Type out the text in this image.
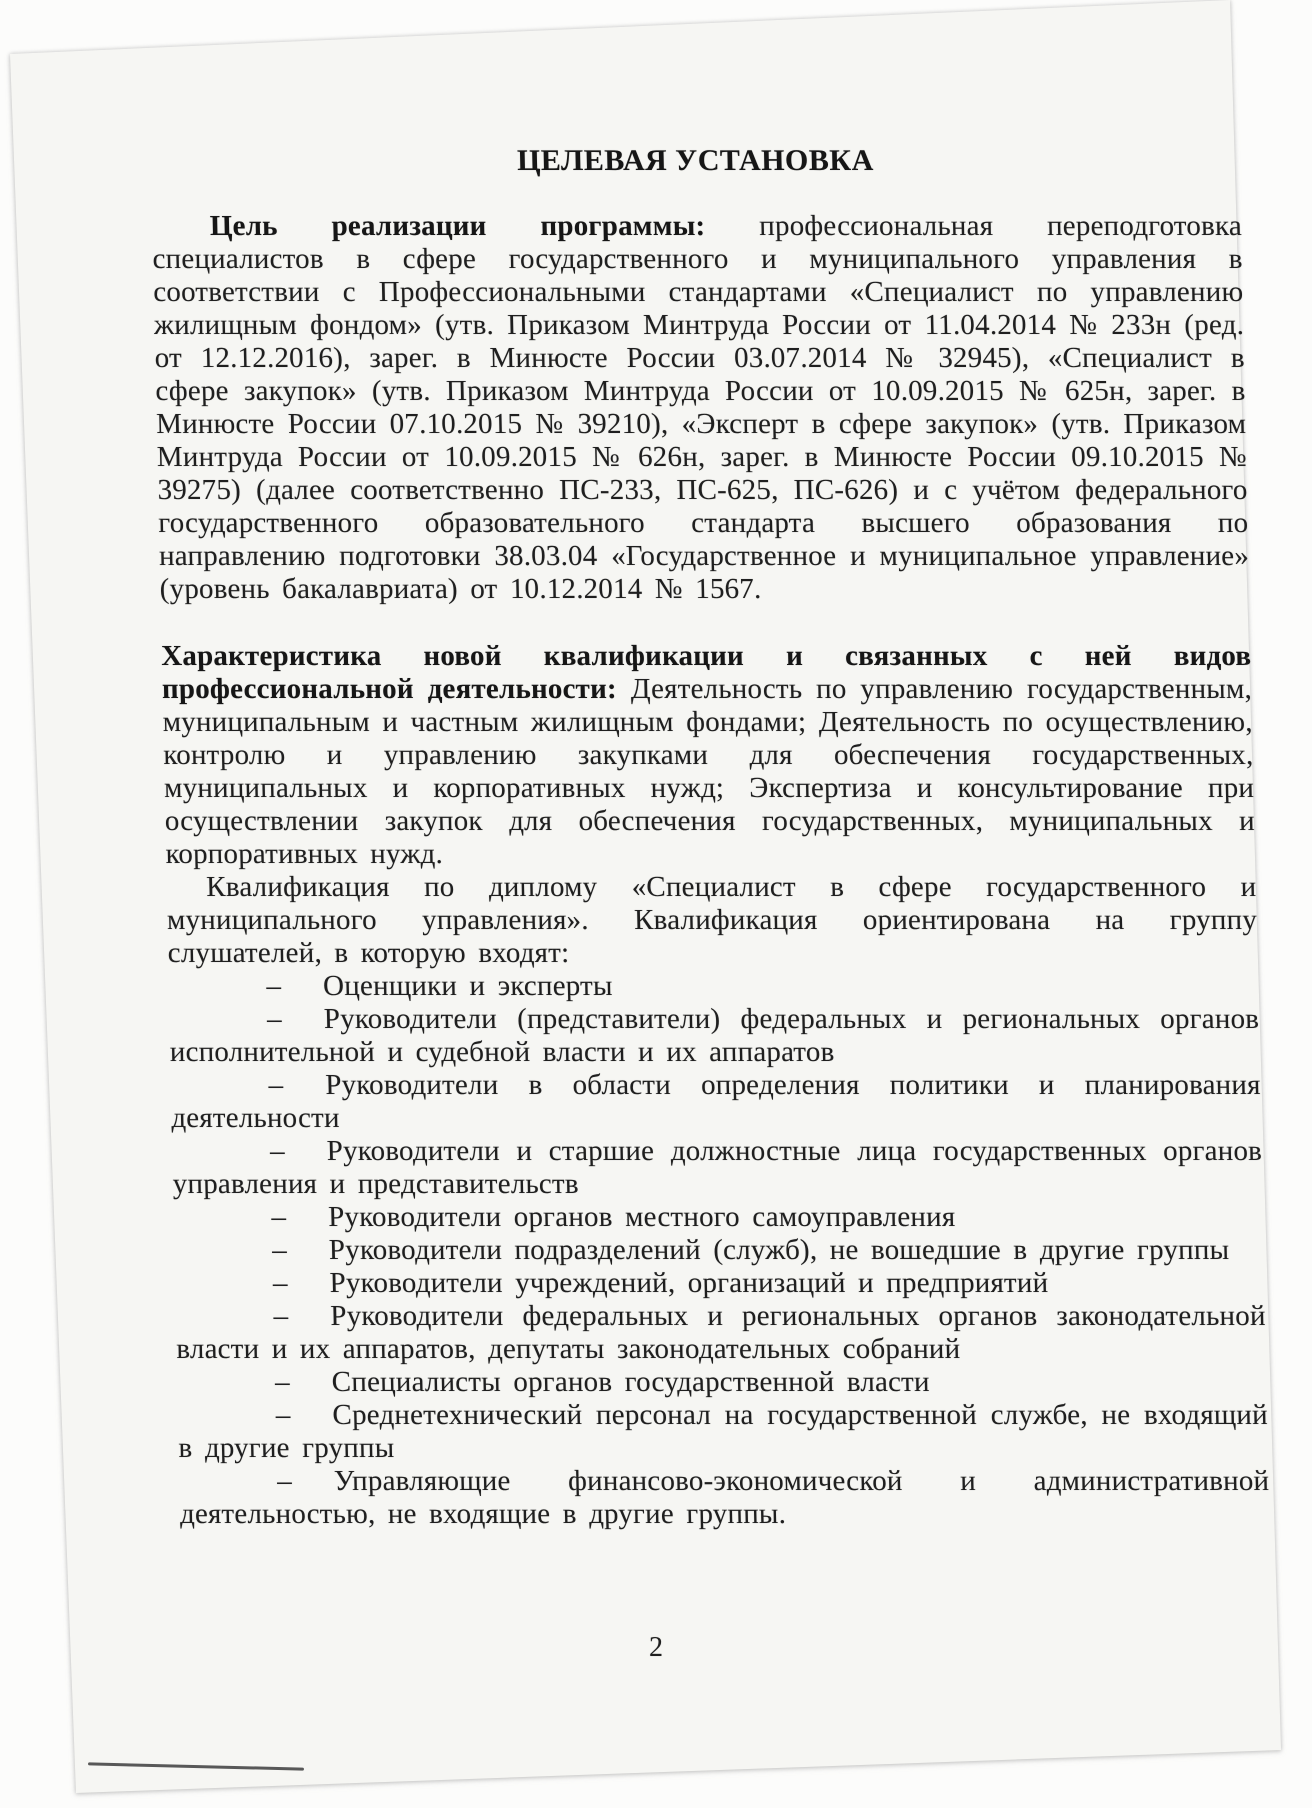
ЦЕЛЕВАЯ УСТАНОВКА

Цель реализации программы: профессиональная переподготовка специалистов в сфере государственного и муниципального управления в соответствии с Профессиональными стандартами «Специалист по управлению жилищным фондом» (утв. Приказом Минтруда России от 11.04.2014 № 233н (ред. от 12.12.2016), зарег. в Минюсте России 03.07.2014 № 32945), «Специалист в сфере закупок» (утв. Приказом Минтруда России от 10.09.2015 № 625н, зарег. в Минюсте России 07.10.2015 № 39210), «Эксперт в сфере закупок» (утв. Приказом Минтруда России от 10.09.2015 № 626н, зарег. в Минюсте России 09.10.2015 № 39275) (далее соответственно ПС-233, ПС-625, ПС-626) и с учётом федерального государственного образовательного стандарта высшего образования по направлению подготовки 38.03.04 «Государственное и муниципальное управление» (уровень бакалавриата) от 10.12.2014 № 1567.

Характеристика новой квалификации и связанных с ней видов профессиональной деятельности: Деятельность по управлению государственным, муниципальным и частным жилищным фондами; Деятельность по осуществлению, контролю и управлению закупками для обеспечения государственных, муниципальных и корпоративных нужд; Экспертиза и консультирование при осуществлении закупок для обеспечения государственных, муниципальных и корпоративных нужд.

Квалификация по диплому «Специалист в сфере государственного и муниципального управления». Квалификация ориентирована на группу слушателей, в которую входят:

– Оценщики и эксперты

– Руководители (представители) федеральных и региональных органов исполнительной и судебной власти и их аппаратов

– Руководители в области определения политики и планирования деятельности

– Руководители и старшие должностные лица государственных органов управления и представительств

– Руководители органов местного самоуправления

– Руководители подразделений (служб), не вошедшие в другие группы

– Руководители учреждений, организаций и предприятий

– Руководители федеральных и региональных органов законодательной власти и их аппаратов, депутаты законодательных собраний

– Специалисты органов государственной власти

– Среднетехнический персонал на государственной службе, не входящий в другие группы

– Управляющие финансово-экономической и административной деятельностью, не входящие в другие группы.

2
